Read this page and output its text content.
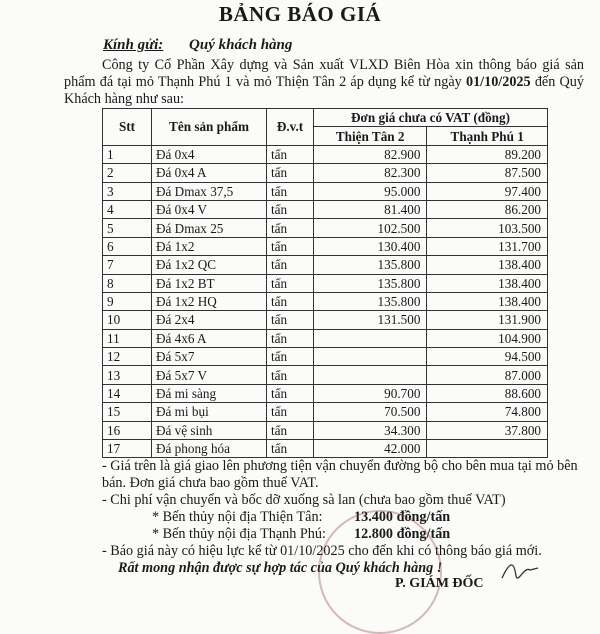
BẢNG BÁO GIÁ
Kính gửi: Quý khách hàng
Công ty Cổ Phần Xây dựng và Sản xuất VLXD Biên Hòa xin thông báo giá sản phẩm đá tại mỏ Thạnh Phú 1 và mỏ Thiện Tân 2 áp dụng kể từ ngày 01/10/2025 đến Quý Khách hàng như sau:
Stt	Tên sản phẩm	Đ.v.t	Đơn giá chưa có VAT (đồng)	
			Thiện Tân 2	Thạnh Phú 1
1	Đá 0x4	tấn	82.900	89.200
2	Đá 0x4 A	tấn	82.300	87.500
3	Đá Dmax 37,5	tấn	95.000	97.400
4	Đá 0x4 V	tấn	81.400	86.200
5	Đá Dmax 25	tấn	102.500	103.500
6	Đá 1x2	tấn	130.400	131.700
7	Đá 1x2 QC	tấn	135.800	138.400
8	Đá 1x2 BT	tấn	135.800	138.400
9	Đá 1x2 HQ	tấn	135.800	138.400
10	Đá 2x4	tấn	131.500	131.900
11	Đá 4x6 A	tấn		104.900
12	Đá 5x7	tấn		94.500
13	Đá 5x7 V	tấn		87.000
14	Đá mi sàng	tấn	90.700	88.600
15	Đá mi bụi	tấn	70.500	74.800
16	Đá vệ sinh	tấn	34.300	37.800
17	Đá phong hóa	tấn	42.000	

- Giá trên là giá giao lên phương tiện vận chuyển đường bộ cho bên mua tại mỏ bên bán. Đơn giá chưa bao gồm thuế VAT.

- Chi phí vận chuyển và bốc dỡ xuống sà lan (chưa bao gồm thuế VAT)

* Bến thủy nội địa Thiện Tân: 13.400 đồng/tấn
* Bến thủy nội địa Thạnh Phú: 12.800 đồng/tấn

- Báo giá này có hiệu lực kể từ 01/10/2025 cho đến khi có thông báo giá mới.

Rất mong nhận được sự hợp tác của Quý khách hàng !

P. GIÁM ĐỐC
